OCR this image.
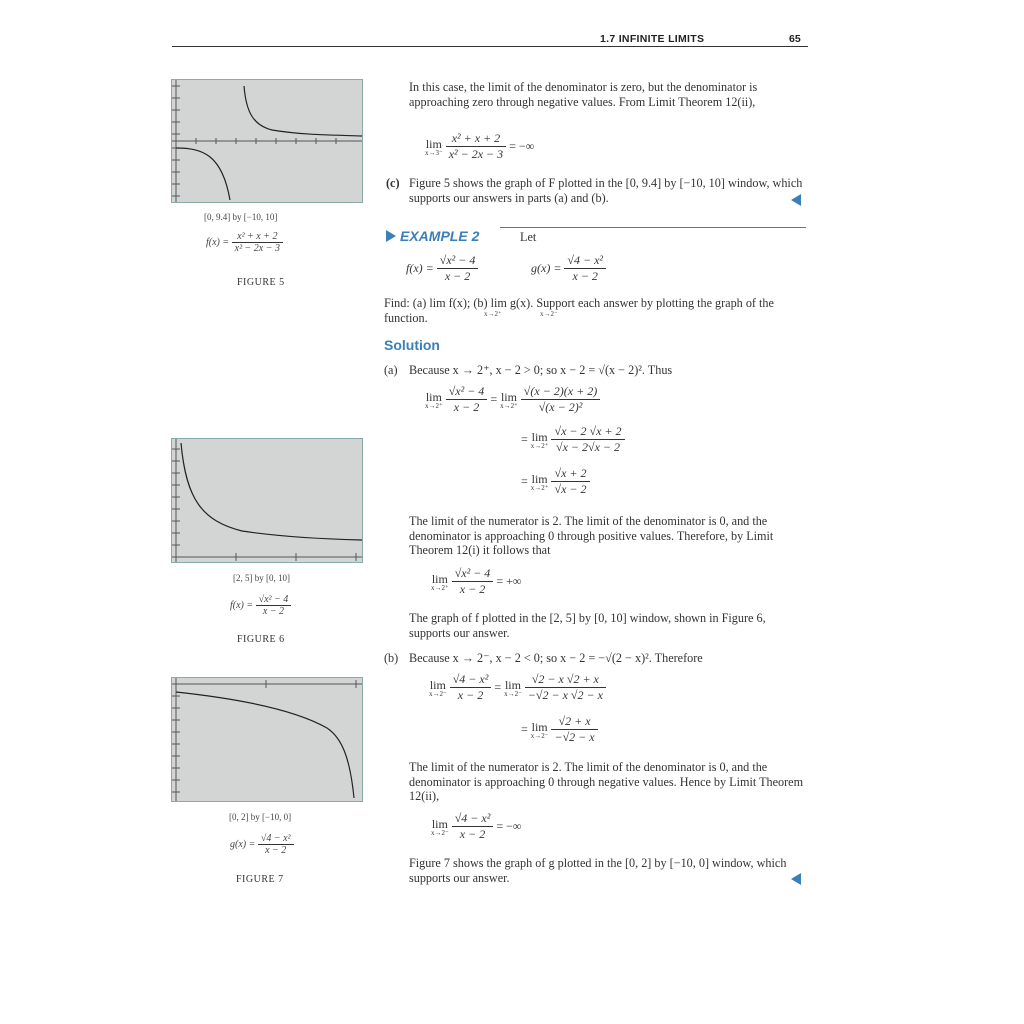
1.7 INFINITE LIMITS	65
[0, 9.4] by [−10, 10]
$f(x) = \frac{\text{x² + x + 2}}{\text{x² − 2x − 3}}$
FIGURE 5
[2, 5] by [0, 10]
$f(x) = \frac{\text{√x² − 4}}{x - 2}$
FIGURE 6
[0, 2] by [−10, 0]
$g(x) = \frac{\text{√4 − x²}}{x - 2}$
FIGURE 7
In this case, the limit of the denominator is zero, but the denominator is approaching zero through negative values. From Limit Theorem 12(ii),
lim
x→3⁻
$\frac{\text{x² + x + 2}}{\text{x² − 2x − 3}}$ = −∞
(c) Figure 5 shows the graph of F plotted in the [0, 9.4] by [−10, 10] window, which supports our answers in parts (a) and (b).
EXAMPLE 2	Let
$f(x) = \frac{\text{√x² − 4}}{x - 2}$	$g(x) = \frac{\text{√4 − x²}}{x - 2}$
Find: (a) lim f(x); (b) lim g(x). Support each answer by plotting the graph of the function.	x→2⁺	x→2⁻
Solution
(a) Because x → 2⁺, x − 2 > 0; so x − 2 = √(x − 2)². Thus
lim
x→2⁺
$\frac{\text{√x² − 4}}{x - 2} = \lim$
x→2⁺
$\frac{√(x - 2)(x + 2)}{\text{√(x − 2)²}}$
= lim
x→2⁺
$\frac{√x - 2 √x + 2}{√x - 2√x - 2}$
= lim
x→2⁺
$\frac{√x + 2}{√x - 2}$
The limit of the numerator is 2. The limit of the denominator is 0, and the denominator is approaching 0 through positive values. Therefore, by Limit Theorem 12(i) it follows that
lim
x→2⁺
$\frac{\text{√x² − 4}}{x - 2}$ = +∞
The graph of f plotted in the [2, 5] by [0, 10] window, shown in Figure 6, supports our answer.
(b) Because x → 2⁻, x − 2 < 0; so x − 2 = −√(2 − x)². Therefore
lim
x→2⁻
$\frac{\text{√4 − x²}}{x - 2} = \lim$
x→2⁻
$\frac{√2 - x √2 + x}{-√2 - x √2 - x}$
= lim
x→2⁻
$\frac{√2 + x}{-√2 - x}$
The limit of the numerator is 2. The limit of the denominator is 0, and the denominator is approaching 0 through negative values. Hence by Limit Theorem 12(ii),
lim
x→2⁻
$\frac{\text{√4 − x²}}{x - 2}$ = −∞
Figure 7 shows the graph of g plotted in the [0, 2] by [−10, 0] window, which supports our answer.
